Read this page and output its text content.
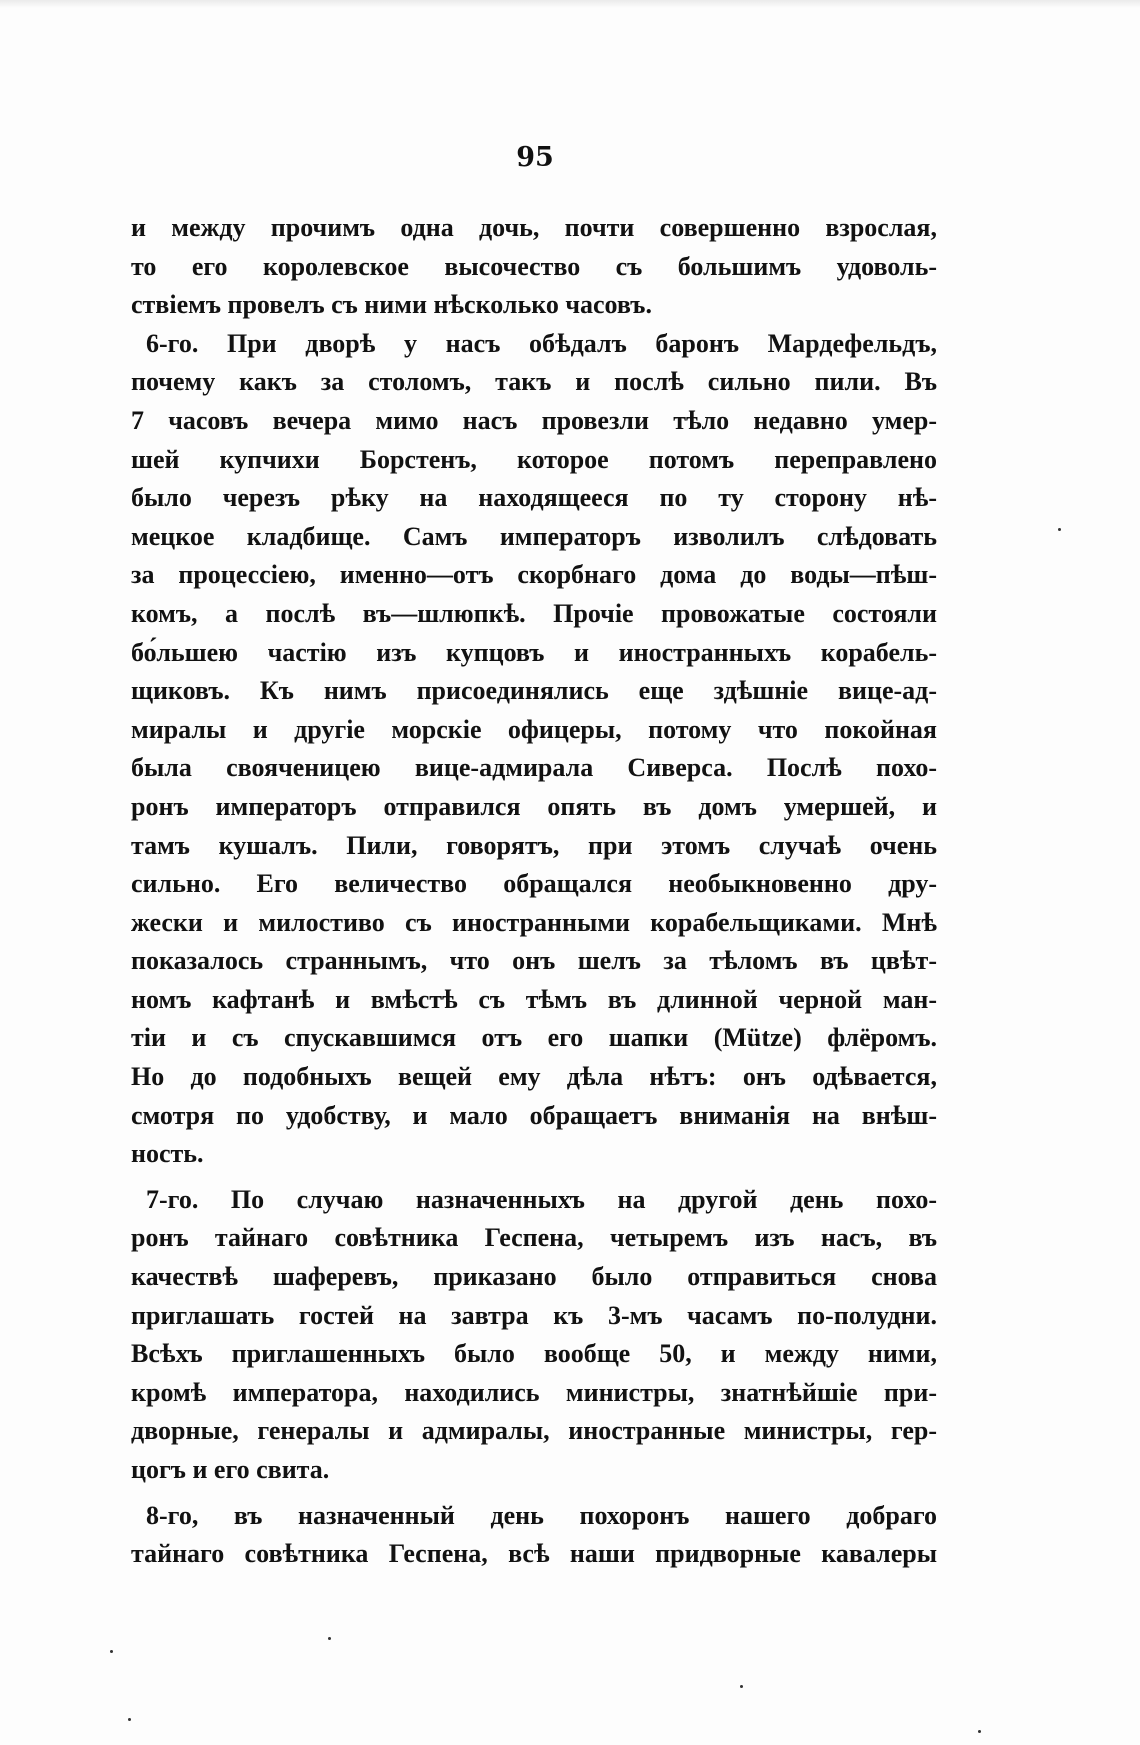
95
и между прочимъ одна дочь, почти совершенно взрослая,
то его королевское высочество съ большимъ удоволь-
ствіемъ провелъ съ ними нѣсколько часовъ.
6-го. При дворѣ у насъ обѣдалъ баронъ Мардефельдъ,
почему какъ за столомъ, такъ и послѣ сильно пили. Въ
7 часовъ вечера мимо насъ провезли тѣло недавно умер-
шей купчихи Борстенъ, которое потомъ переправлено
было черезъ рѣку на находящееся по ту сторону нѣ-
мецкое кладбище. Самъ императоръ изволилъ слѣдовать
за процессіею, именно—отъ скорбнаго дома до воды—пѣш-
комъ, а послѣ въ—шлюпкѣ. Прочіе провожатые состояли
бо́льшею частію изъ купцовъ и иностранныхъ корабель-
щиковъ. Къ нимъ присоединялись еще здѣшніе вице-ад-
миралы и другіе морскіе офицеры, потому что покойная
была свояченицею вице-адмирала Сиверса. Послѣ похо-
ронъ императоръ отправился опять въ домъ умершей, и
тамъ кушалъ. Пили, говорятъ, при этомъ случаѣ очень
сильно. Его величество обращался необыкновенно дру-
жески и милостиво съ иностранными корабельщиками. Мнѣ
показалось страннымъ, что онъ шелъ за тѣломъ въ цвѣт-
номъ кафтанѣ и вмѣстѣ съ тѣмъ въ длинной черной ман-
тіи и съ спускавшимся отъ его шапки (Mütze) флёромъ.
Но до подобныхъ вещей ему дѣла нѣтъ: онъ одѣвается,
смотря по удобству, и мало обращаетъ вниманія на внѣш-
ность.
7-го. По случаю назначенныхъ на другой день похо-
ронъ тайнаго совѣтника Геспена, четыремъ изъ насъ, въ
качествѣ шаферевъ, приказано было отправиться снова
приглашать гостей на завтра къ 3-мъ часамъ по-полудни.
Всѣхъ приглашенныхъ было вообще 50, и между ними,
кромѣ императора, находились министры, знатнѣйшіе при-
дворные, генералы и адмиралы, иностранные министры, гер-
цогъ и его свита.
8-го, въ назначенный день похоронъ нашего добраго
тайнаго совѣтника Геспена, всѣ наши придворные кавалеры
